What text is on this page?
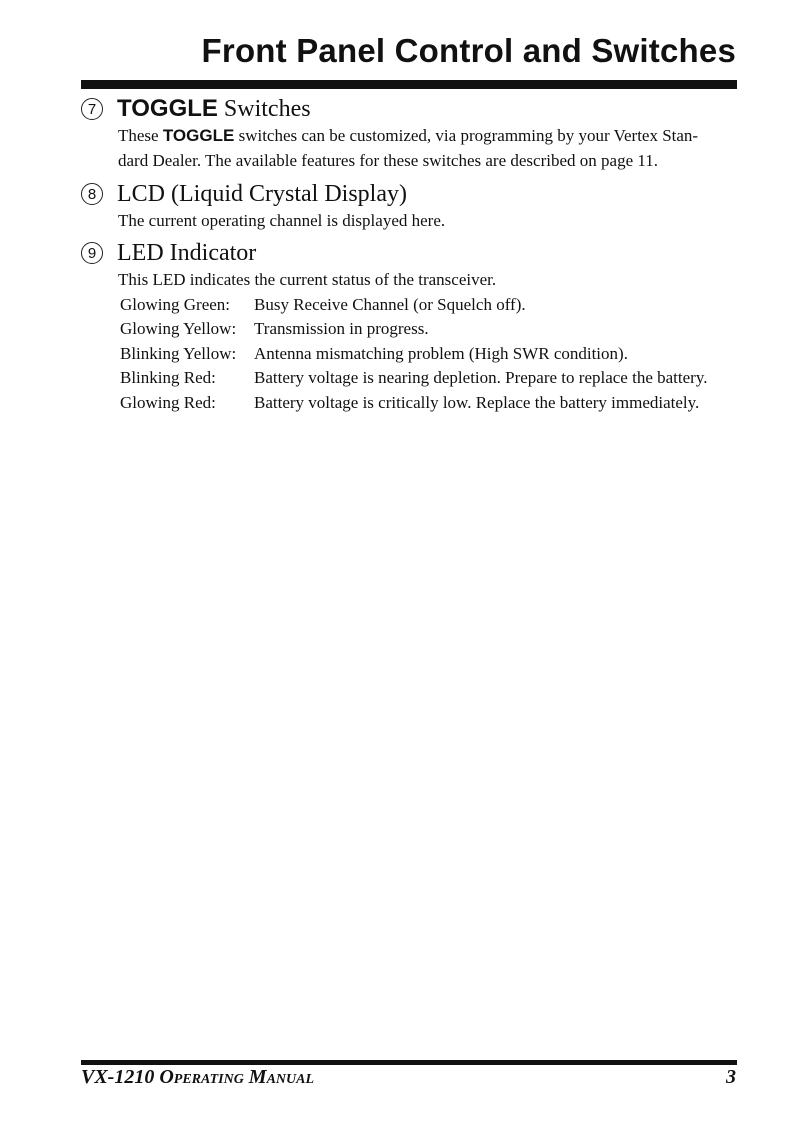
Front Panel Control and Switches
7 TOGGLE Switches
These TOGGLE switches can be customized, via programming by your Vertex Stan-
dard Dealer. The available features for these switches are described on page 11.
8 LCD (Liquid Crystal Display)
The current operating channel is displayed here.
9 LED Indicator
This LED indicates the current status of the transceiver.
Glowing Green:	Busy Receive Channel (or Squelch off).
Glowing Yellow:	Transmission in progress.
Blinking Yellow:	Antenna mismatching problem (High SWR condition).
Blinking Red:	Battery voltage is nearing depletion. Prepare to replace the battery.
Glowing Red:	Battery voltage is critically low. Replace the battery immediately.
VX-1210 Operating Manual	3
